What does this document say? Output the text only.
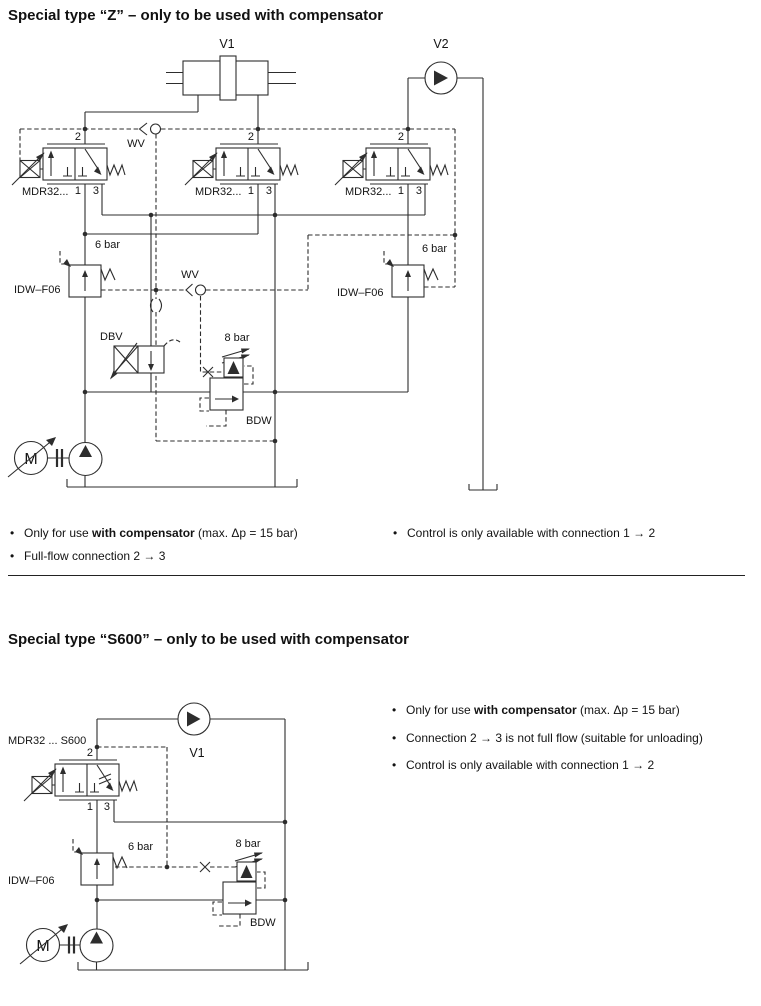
Special type “Z” – only to be used with compensator
V1	V2
2
1 3
MDR32...
2
1 3
MDR32...
2
1 3
MDR32...
WV
WV
6 bar
IDW–F06
6 bar
IDW–F06
DBV	8 bar
BDW
M
• Only for use with compensator (max. Δp = 15 bar)
• Full-flow connection 2 → 3
• Control is only available with connection 1 → 2
Special type “S600” – only to be used with compensator
MDR32 ... S600
V1
2
1 3
6 bar
IDW–F06
8 bar
BDW
M
• Only for use with compensator (max. Δp = 15 bar)
• Connection 2 → 3 is not full flow (suitable for unloading)
• Control is only available with connection 1 → 2
